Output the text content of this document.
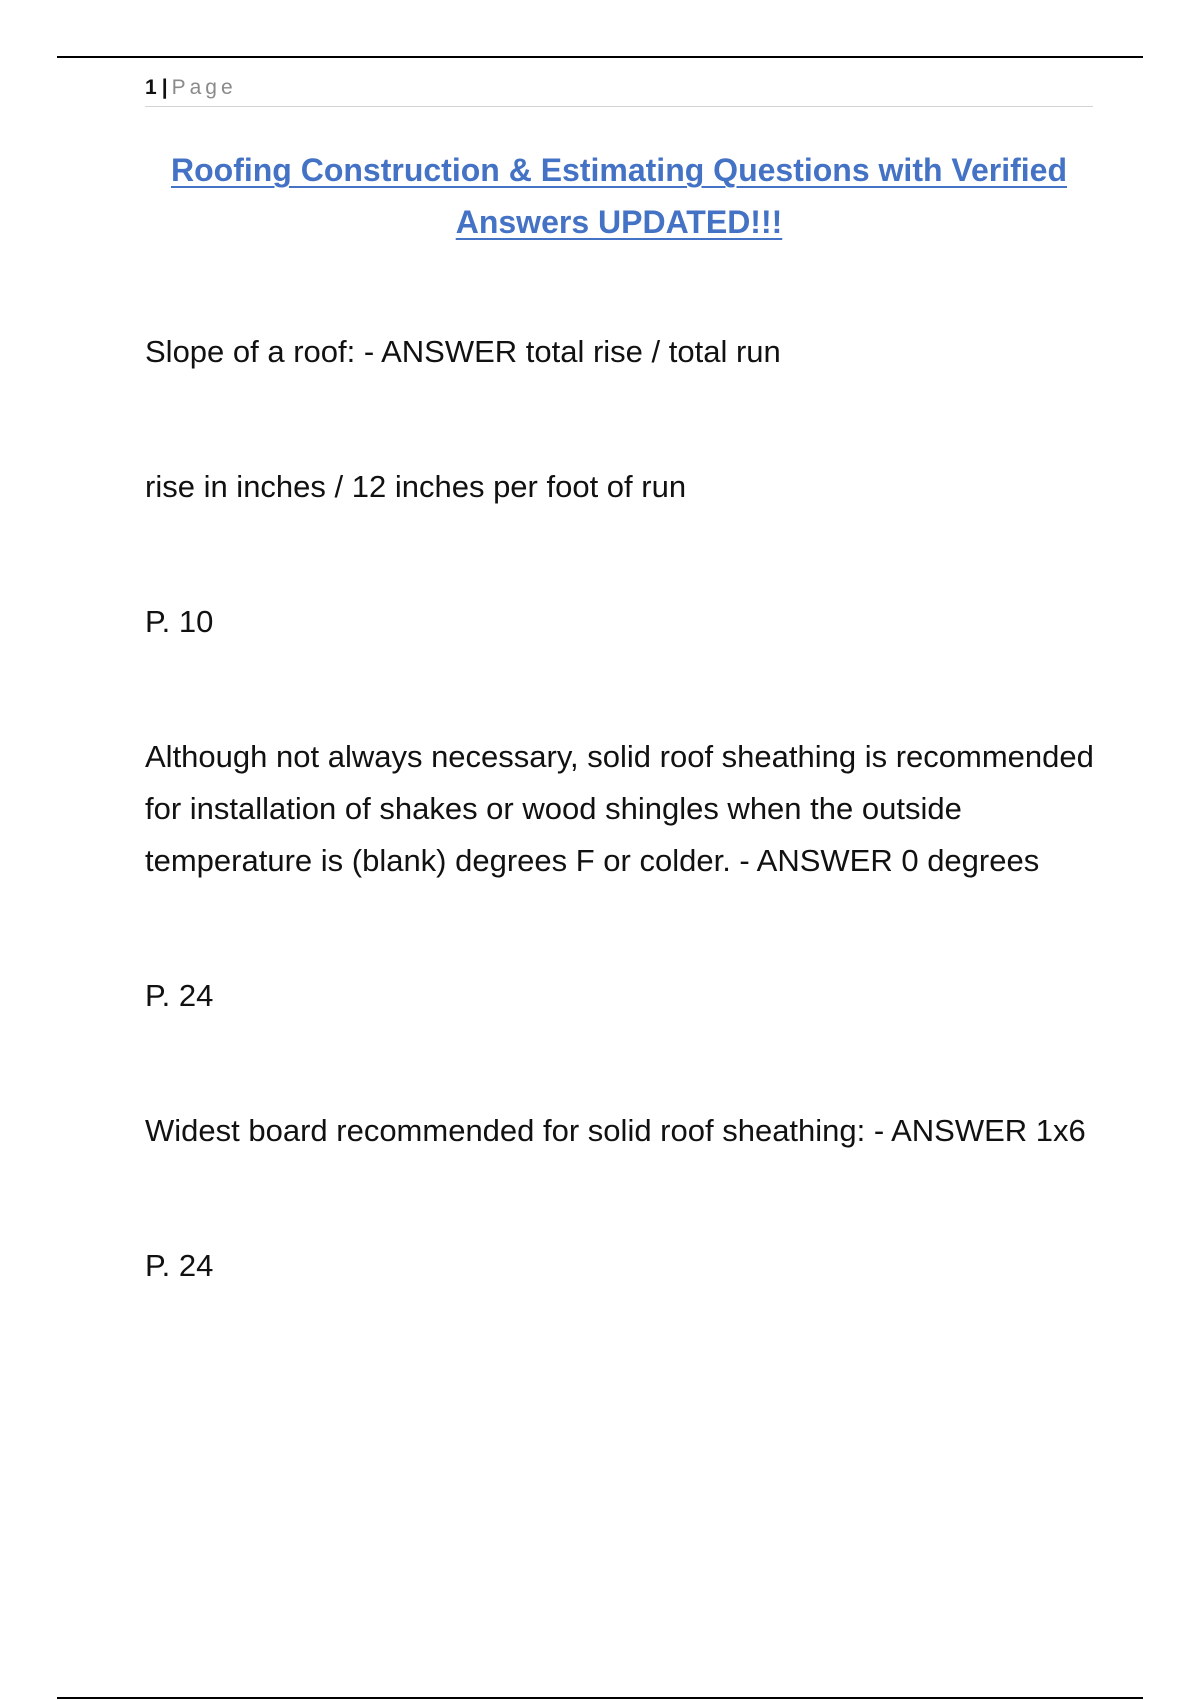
1 | Page
Roofing Construction & Estimating Questions with Verified Answers UPDATED!!!

Slope of a roof: - ANSWER total rise / total run

rise in inches / 12 inches per foot of run

P. 10

Although not always necessary, solid roof sheathing is recommended for installation of shakes or wood shingles when the outside temperature is (blank) degrees F or colder. - ANSWER 0 degrees

P. 24

Widest board recommended for solid roof sheathing: - ANSWER 1x6

P. 24
